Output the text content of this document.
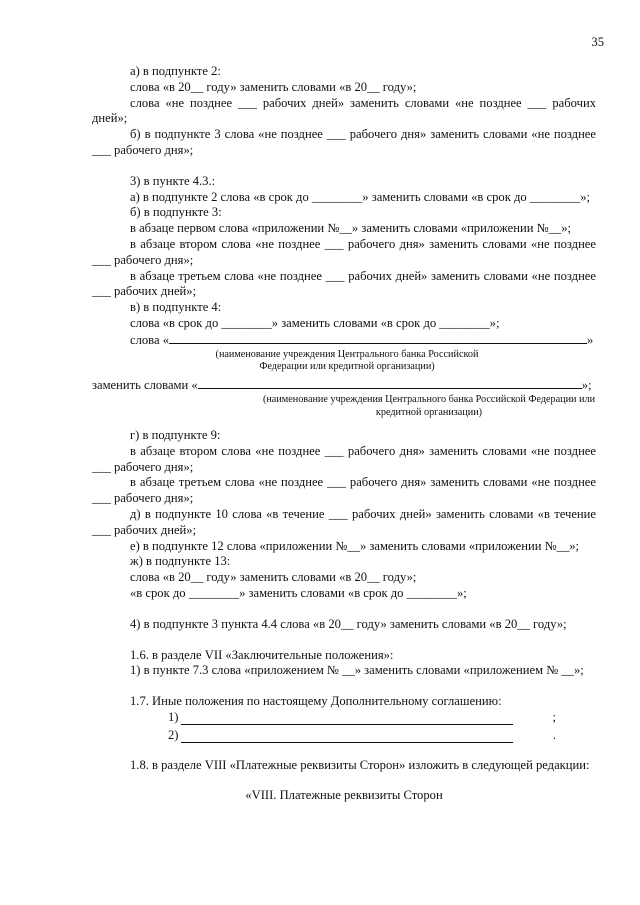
35

а) в подпункте 2:

слова «в 20__ году» заменить словами «в 20__ году»;

слова «не позднее ___ рабочих дней» заменить словами «не позднее ___ рабочих дней»;

б) в подпункте 3 слова «не позднее ___ рабочего дня» заменить словами «не позднее ___ рабочего дня»;

3) в пункте 4.3.:

а) в подпункте 2 слова «в срок до ________» заменить словами «в срок до ________»;

б) в подпункте 3:

в абзаце первом слова «приложении №__» заменить словами «приложении №__»;

в абзаце втором слова «не позднее ___ рабочего дня» заменить словами «не позднее ___ рабочего дня»;

в абзаце третьем слова «не позднее ___ рабочих дней» заменить словами «не позднее ___ рабочих дней»;

в) в подпункте 4:

слова «в срок до ________» заменить словами «в срок до ________»;

слова «	»

(наименование учреждения Центрального банка Российской Федерации или кредитной организации)

заменить словами «	»;

(наименование учреждения Центрального банка Российской Федерации или кредитной организации)

г) в подпункте 9:

в абзаце втором слова «не позднее ___ рабочего дня» заменить словами «не позднее ___ рабочего дня»;

в абзаце третьем слова «не позднее ___ рабочего дня» заменить словами «не позднее ___ рабочего дня»;

д) в подпункте 10 слова «в течение ___ рабочих дней» заменить словами «в течение ___ рабочих дней»;

е) в подпункте 12 слова «приложении №__» заменить словами «приложении №__»;

ж) в подпункте 13:

слова «в 20__ году» заменить словами «в 20__ году»;

«в срок до ________» заменить словами «в срок до ________»;

4) в подпункте 3 пункта 4.4 слова «в 20__ году» заменить словами «в 20__ году»;

1.6. в разделе VII «Заключительные положения»:

1) в пункте 7.3 слова «приложением № __» заменить словами «приложением № __»;

1.7. Иные положения по настоящему Дополнительному соглашению:

1)	;
2)	.

1.8. в разделе VIII «Платежные реквизиты Сторон» изложить в следующей редакции:

«VIII. Платежные реквизиты Сторон
